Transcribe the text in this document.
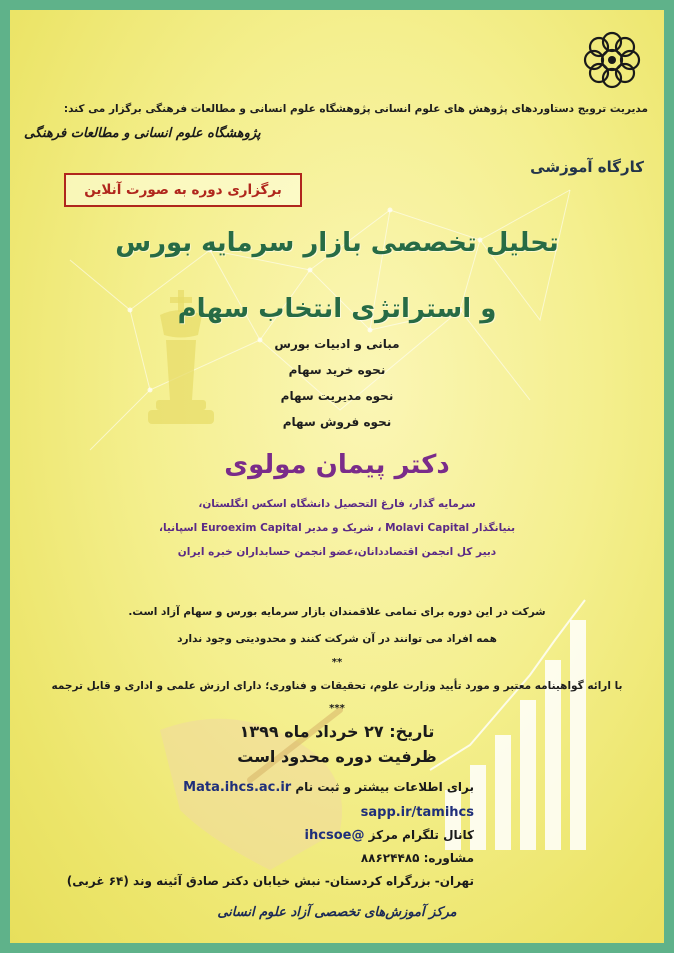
مدیریت ترویج دستاوردهای پژوهش های علوم انسانی پژوهشگاه علوم انسانی و مطالعات فرهنگی برگزار می کند:
پژوهشگاه علوم انسانی و مطالعات فرهنگی
کارگاه آموزشی
برگزاری دوره به صورت آنلاین
تحلیل تخصصی بازار سرمایه بورس
و استراتژی انتخاب سهام
مبانی و ادبیات بورس
نحوه خرید سهام
نحوه مدیریت سهام
نحوه فروش سهام
دکتر پیمان مولوی
سرمایه گذار، فارغ التحصیل دانشگاه اسکس انگلستان،
بنیانگذار Molavi Capital ، شریک و مدیر Euroexim Capital اسپانیا،
دبیر کل انجمن اقتصاددانان،عضو انجمن حسابداران خبره ایران
شرکت در این دوره برای تمامی علاقمندان بازار سرمایه بورس و سهام آزاد است.
همه افراد می توانند در آن شرکت کنند و محدودیتی وجود ندارد
**
با ارائه گواهینامه معتبر و مورد تأیید وزارت علوم، تحقیقات و فناوری؛ دارای ارزش علمی و اداری و قابل ترجمه
***
تاریخ: ۲۷ خرداد ماه ۱۳۹۹
ظرفیت دوره محدود است
برای اطلاعات بیشتر و ثبت نام Mata.ihcs.ac.ir
sapp.ir/tamihcs
کانال تلگرام مرکز @ihcsoe
مشاوره: ۸۸۶۲۴۴۸۵
تهران- بزرگراه کردستان- نبش خیابان دکتر صادق آئینه وند (۶۴ غربی)
مرکز آموزش‌های تخصصی آزاد علوم انسانی
